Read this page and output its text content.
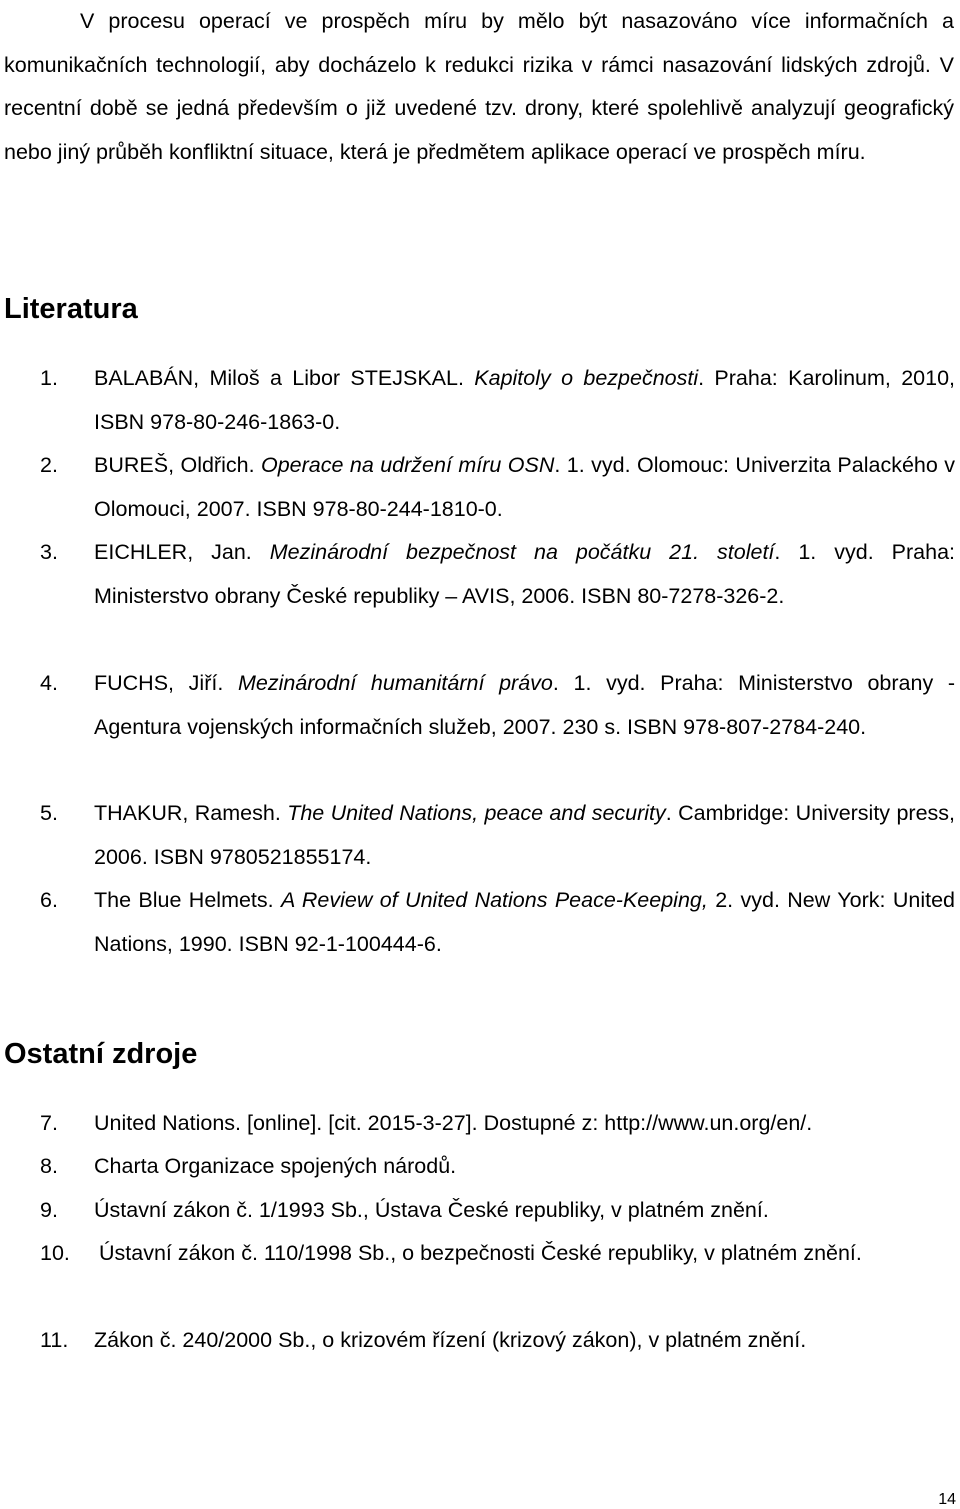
V procesu operací ve prospěch míru by mělo být nasazováno více informačních a komunikačních technologií, aby docházelo k redukci rizika v rámci nasazování lidských zdrojů. V recentní době se jedná především o již uvedené tzv. drony, které spolehlivě analyzují geografický nebo jiný průběh konfliktní situace, která je předmětem aplikace operací ve prospěch míru.

Literatura
1. BALABÁN, Miloš a Libor STEJSKAL. Kapitoly o bezpečnosti. Praha: Karolinum, 2010, ISBN 978-80-246-1863-0.
2. BUREŠ, Oldřich. Operace na udržení míru OSN. 1. vyd. Olomouc: Univerzita Palackého v Olomouci, 2007. ISBN 978-80-244-1810-0.
3. EICHLER, Jan. Mezinárodní bezpečnost na počátku 21. století. 1. vyd. Praha: Ministerstvo obrany České republiky – AVIS, 2006. ISBN 80-7278-326-2.
4. FUCHS, Jiří. Mezinárodní humanitární právo. 1. vyd. Praha: Ministerstvo obrany - Agentura vojenských informačních služeb, 2007. 230 s. ISBN 978-807-2784-240.
5. THAKUR, Ramesh. The United Nations, peace and security. Cambridge: University press, 2006. ISBN 9780521855174.
6. The Blue Helmets. A Review of United Nations Peace-Keeping, 2. vyd. New York: United Nations, 1990. ISBN 92-1-100444-6.
Ostatní zdroje
7. United Nations. [online]. [cit. 2015-3-27]. Dostupné z: http://www.un.org/en/.
8. Charta Organizace spojených národů.
9. Ústavní zákon č. 1/1993 Sb., Ústava České republiky, v platném znění.
10. Ústavní zákon č. 110/1998 Sb., o bezpečnosti České republiky, v platném znění.
11. Zákon č. 240/2000 Sb., o krizovém řízení (krizový zákon), v platném znění.
14
